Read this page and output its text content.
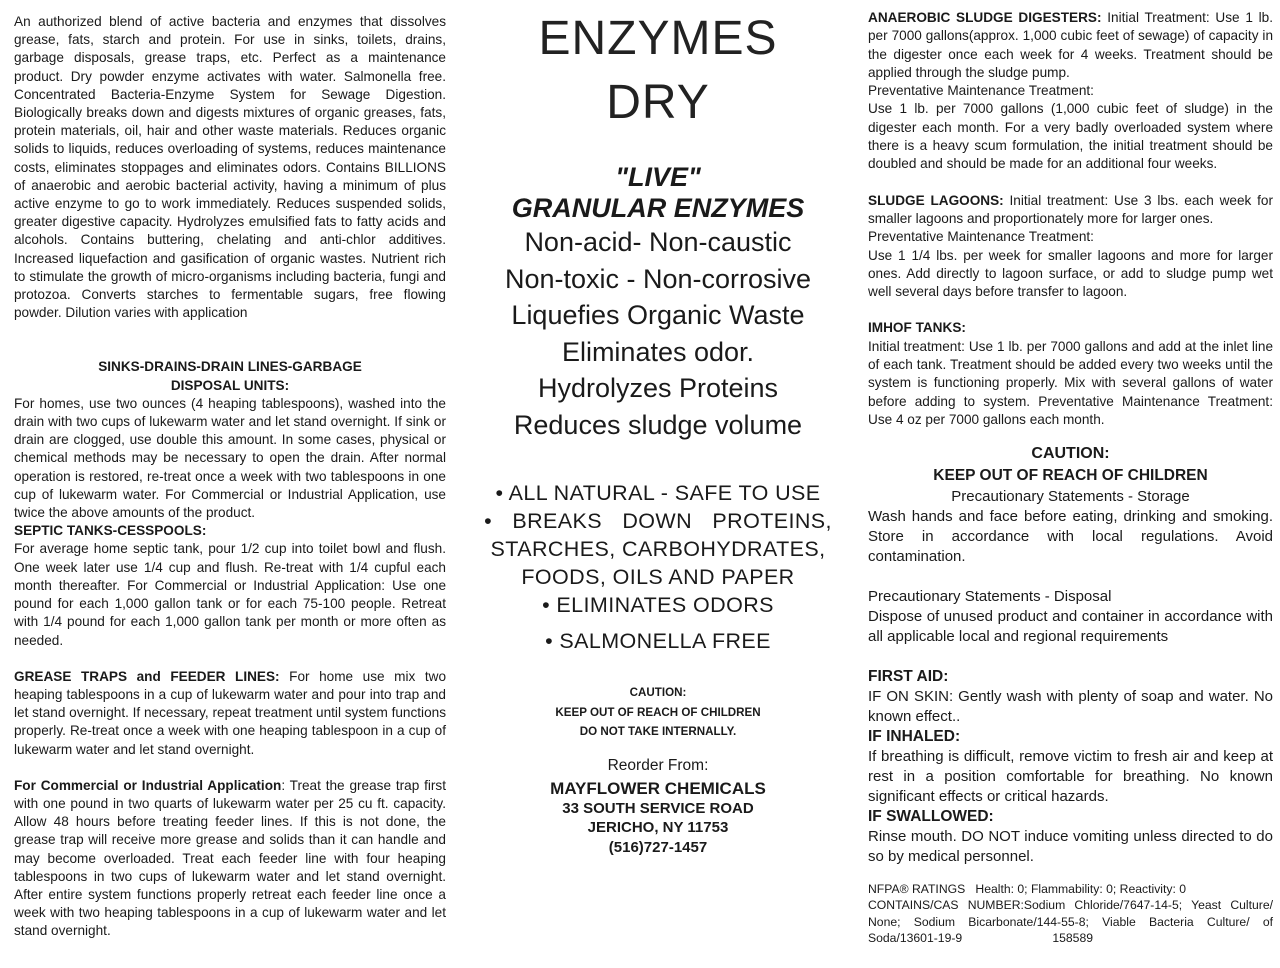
An authorized blend of active bacteria and enzymes that dissolves grease, fats, starch and protein. For use in sinks, toilets, drains, garbage disposals, grease traps, etc. Perfect as a maintenance product. Dry powder enzyme activates with water. Salmonella free. Concentrated Bacteria-Enzyme System for Sewage Digestion. Biologically breaks down and digests mixtures of organic greases, fats, protein materials, oil, hair and other waste materials. Reduces organic solids to liquids, reduces overloading of systems, reduces maintenance costs, eliminates stoppages and eliminates odors. Contains BILLIONS of anaerobic and aerobic bacterial activity, having a minimum of plus active enzyme to go to work immediately. Reduces suspended solids, greater digestive capacity. Hydrolyzes emulsified fats to fatty acids and alcohols. Contains buttering, chelating and anti-chlor additives. Increased liquefaction and gasification of organic wastes. Nutrient rich to stimulate the growth of micro-organisms including bacteria, fungi and protozoa. Converts starches to fermentable sugars, free flowing powder. Dilution varies with application

SINKS-DRAINS-DRAIN LINES-GARBAGE
DISPOSAL UNITS:

For homes, use two ounces (4 heaping tablespoons), washed into the drain with two cups of lukewarm water and let stand overnight. If sink or drain are clogged, use double this amount. In some cases, physical or chemical methods may be necessary to open the drain. After normal operation is restored, re-treat once a week with two tablespoons in one cup of lukewarm water. For Commercial or Industrial Application, use twice the above amounts of the product.

SEPTIC TANKS-CESSPOOLS:

For average home septic tank, pour 1/2 cup into toilet bowl and flush. One week later use 1/4 cup and flush. Re-treat with 1/4 cupful each month thereafter. For Commercial or Industrial Application: Use one pound for each 1,000 gallon tank or for each 75-100 people. Retreat with 1/4 pound for each 1,000 gallon tank per month or more often as needed.

GREASE TRAPS and FEEDER LINES: For home use mix two heaping tablespoons in a cup of lukewarm water and pour into trap and let stand overnight. If necessary, repeat treatment until system functions properly. Re-treat once a week with one heaping tablespoon in a cup of lukewarm water and let stand overnight.

For Commercial or Industrial Application: Treat the grease trap first with one pound in two quarts of lukewarm water per 25 cu ft. capacity. Allow 48 hours before treating feeder lines. If this is not done, the grease trap will receive more grease and solids than it can handle and may become overloaded. Treat each feeder line with four heaping tablespoons in two cups of lukewarm water and let stand overnight. After entire system functions properly retreat each feeder line once a week with two heaping tablespoons in a cup of lukewarm water and let stand overnight.

ENZYMES
DRY
"LIVE"
GRANULAR ENZYMES
Non-acid- Non-caustic
Non-toxic - Non-corrosive
Liquefies Organic Waste
Eliminates odor.
Hydrolyzes Proteins
Reduces sludge volume
• ALL NATURAL - SAFE TO USE
• BREAKS DOWN PROTEINS,
STARCHES, CARBOHYDRATES,
FOODS, OILS AND PAPER
• ELIMINATES ODORS
• SALMONELLA FREE
CAUTION:
KEEP OUT OF REACH OF CHILDREN
DO NOT TAKE INTERNALLY.
Reorder From:
MAYFLOWER CHEMICALS
33 SOUTH SERVICE ROAD
JERICHO, NY 11753
(516)727-1457

ANAEROBIC SLUDGE DIGESTERS: Initial Treatment: Use 1 lb. per 7000 gallons(approx. 1,000 cubic feet of sewage) of capacity in the digester once each week for 4 weeks. Treatment should be applied through the sludge pump.

Preventative Maintenance Treatment:

Use 1 lb. per 7000 gallons (1,000 cubic feet of sludge) in the digester each month. For a very badly overloaded system where there is a heavy scum formulation, the initial treatment should be doubled and should be made for an additional four weeks.

SLUDGE LAGOONS: Initial treatment: Use 3 lbs. each week for smaller lagoons and proportionately more for larger ones.

Preventative Maintenance Treatment:

Use 1 1/4 lbs. per week for smaller lagoons and more for larger ones. Add directly to lagoon surface, or add to sludge pump wet well several days before transfer to lagoon.

IMHOF TANKS:

Initial treatment: Use 1 lb. per 7000 gallons and add at the inlet line of each tank. Treatment should be added every two weeks until the system is functioning properly. Mix with several gallons of water before adding to system. Preventative Maintenance Treatment: Use 4 oz per 7000 gallons each month.

CAUTION:
KEEP OUT OF REACH OF CHILDREN
Precautionary Statements - Storage

Wash hands and face before eating, drinking and smoking. Store in accordance with local regulations. Avoid contamination.

Precautionary Statements - Disposal

Dispose of unused product and container in accordance with all applicable local and regional requirements

FIRST AID:

IF ON SKIN: Gently wash with plenty of soap and water. No known effect..

IF INHALED:

If breathing is difficult, remove victim to fresh air and keep at rest in a position comfortable for breathing. No known significant effects or critical hazards.

IF SWALLOWED:

Rinse mouth. DO NOT induce vomiting unless directed to do so by medical personnel.

NFPA® RATINGS   Health: 0; Flammability: 0; Reactivity: 0

CONTAINS/CAS NUMBER:Sodium Chloride/7647-14-5; Yeast Culture/ None; Sodium Bicarbonate/144-55-8; Viable Bacteria Culture/ of Soda/13601-19-9	158589
